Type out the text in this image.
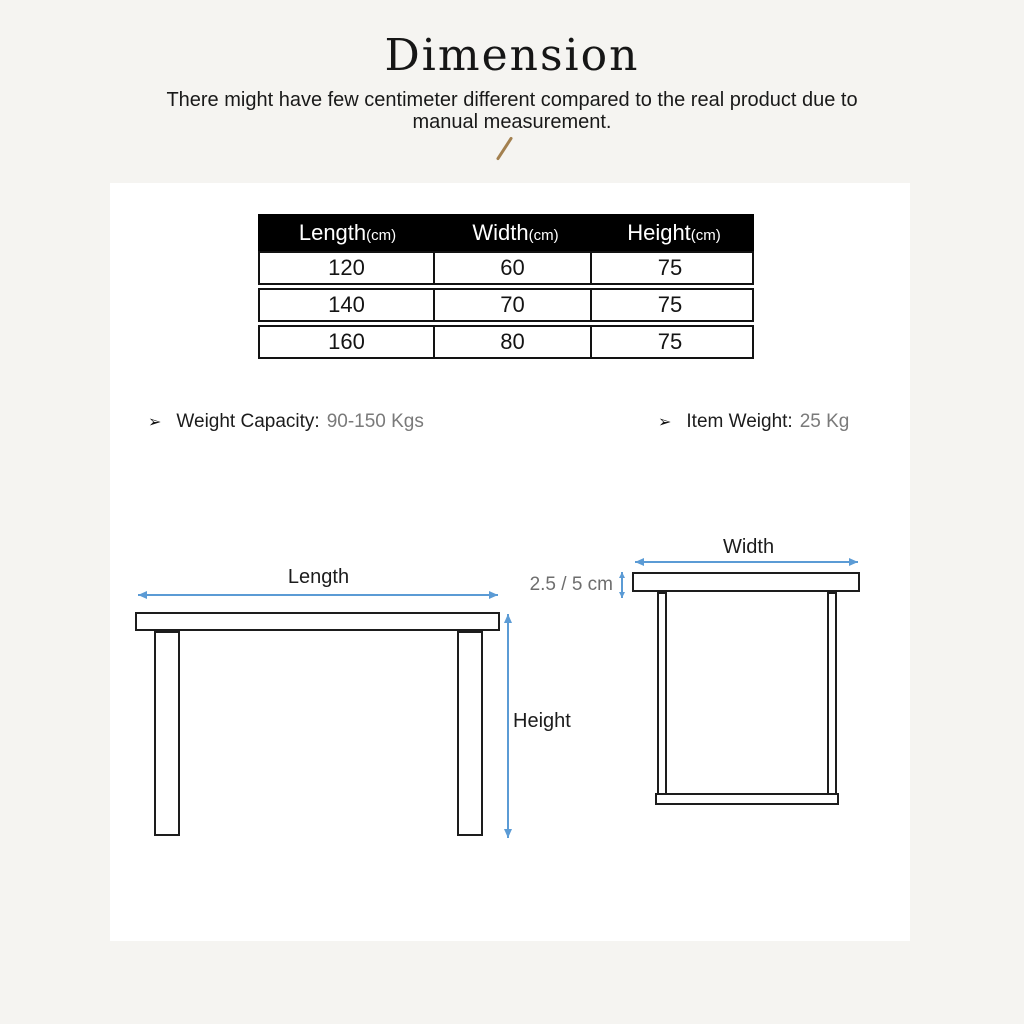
Dimension
There might have few centimeter different compared to the real product due to
manual measurement.
Length(cm)	Width(cm)	Height(cm)
120	60	75
140	70	75
160	80	75
➢ Weight Capacity: 90-150 Kgs	➢ Item Weight: 25 Kg
Length
Height
Width
2.5 / 5 cm
